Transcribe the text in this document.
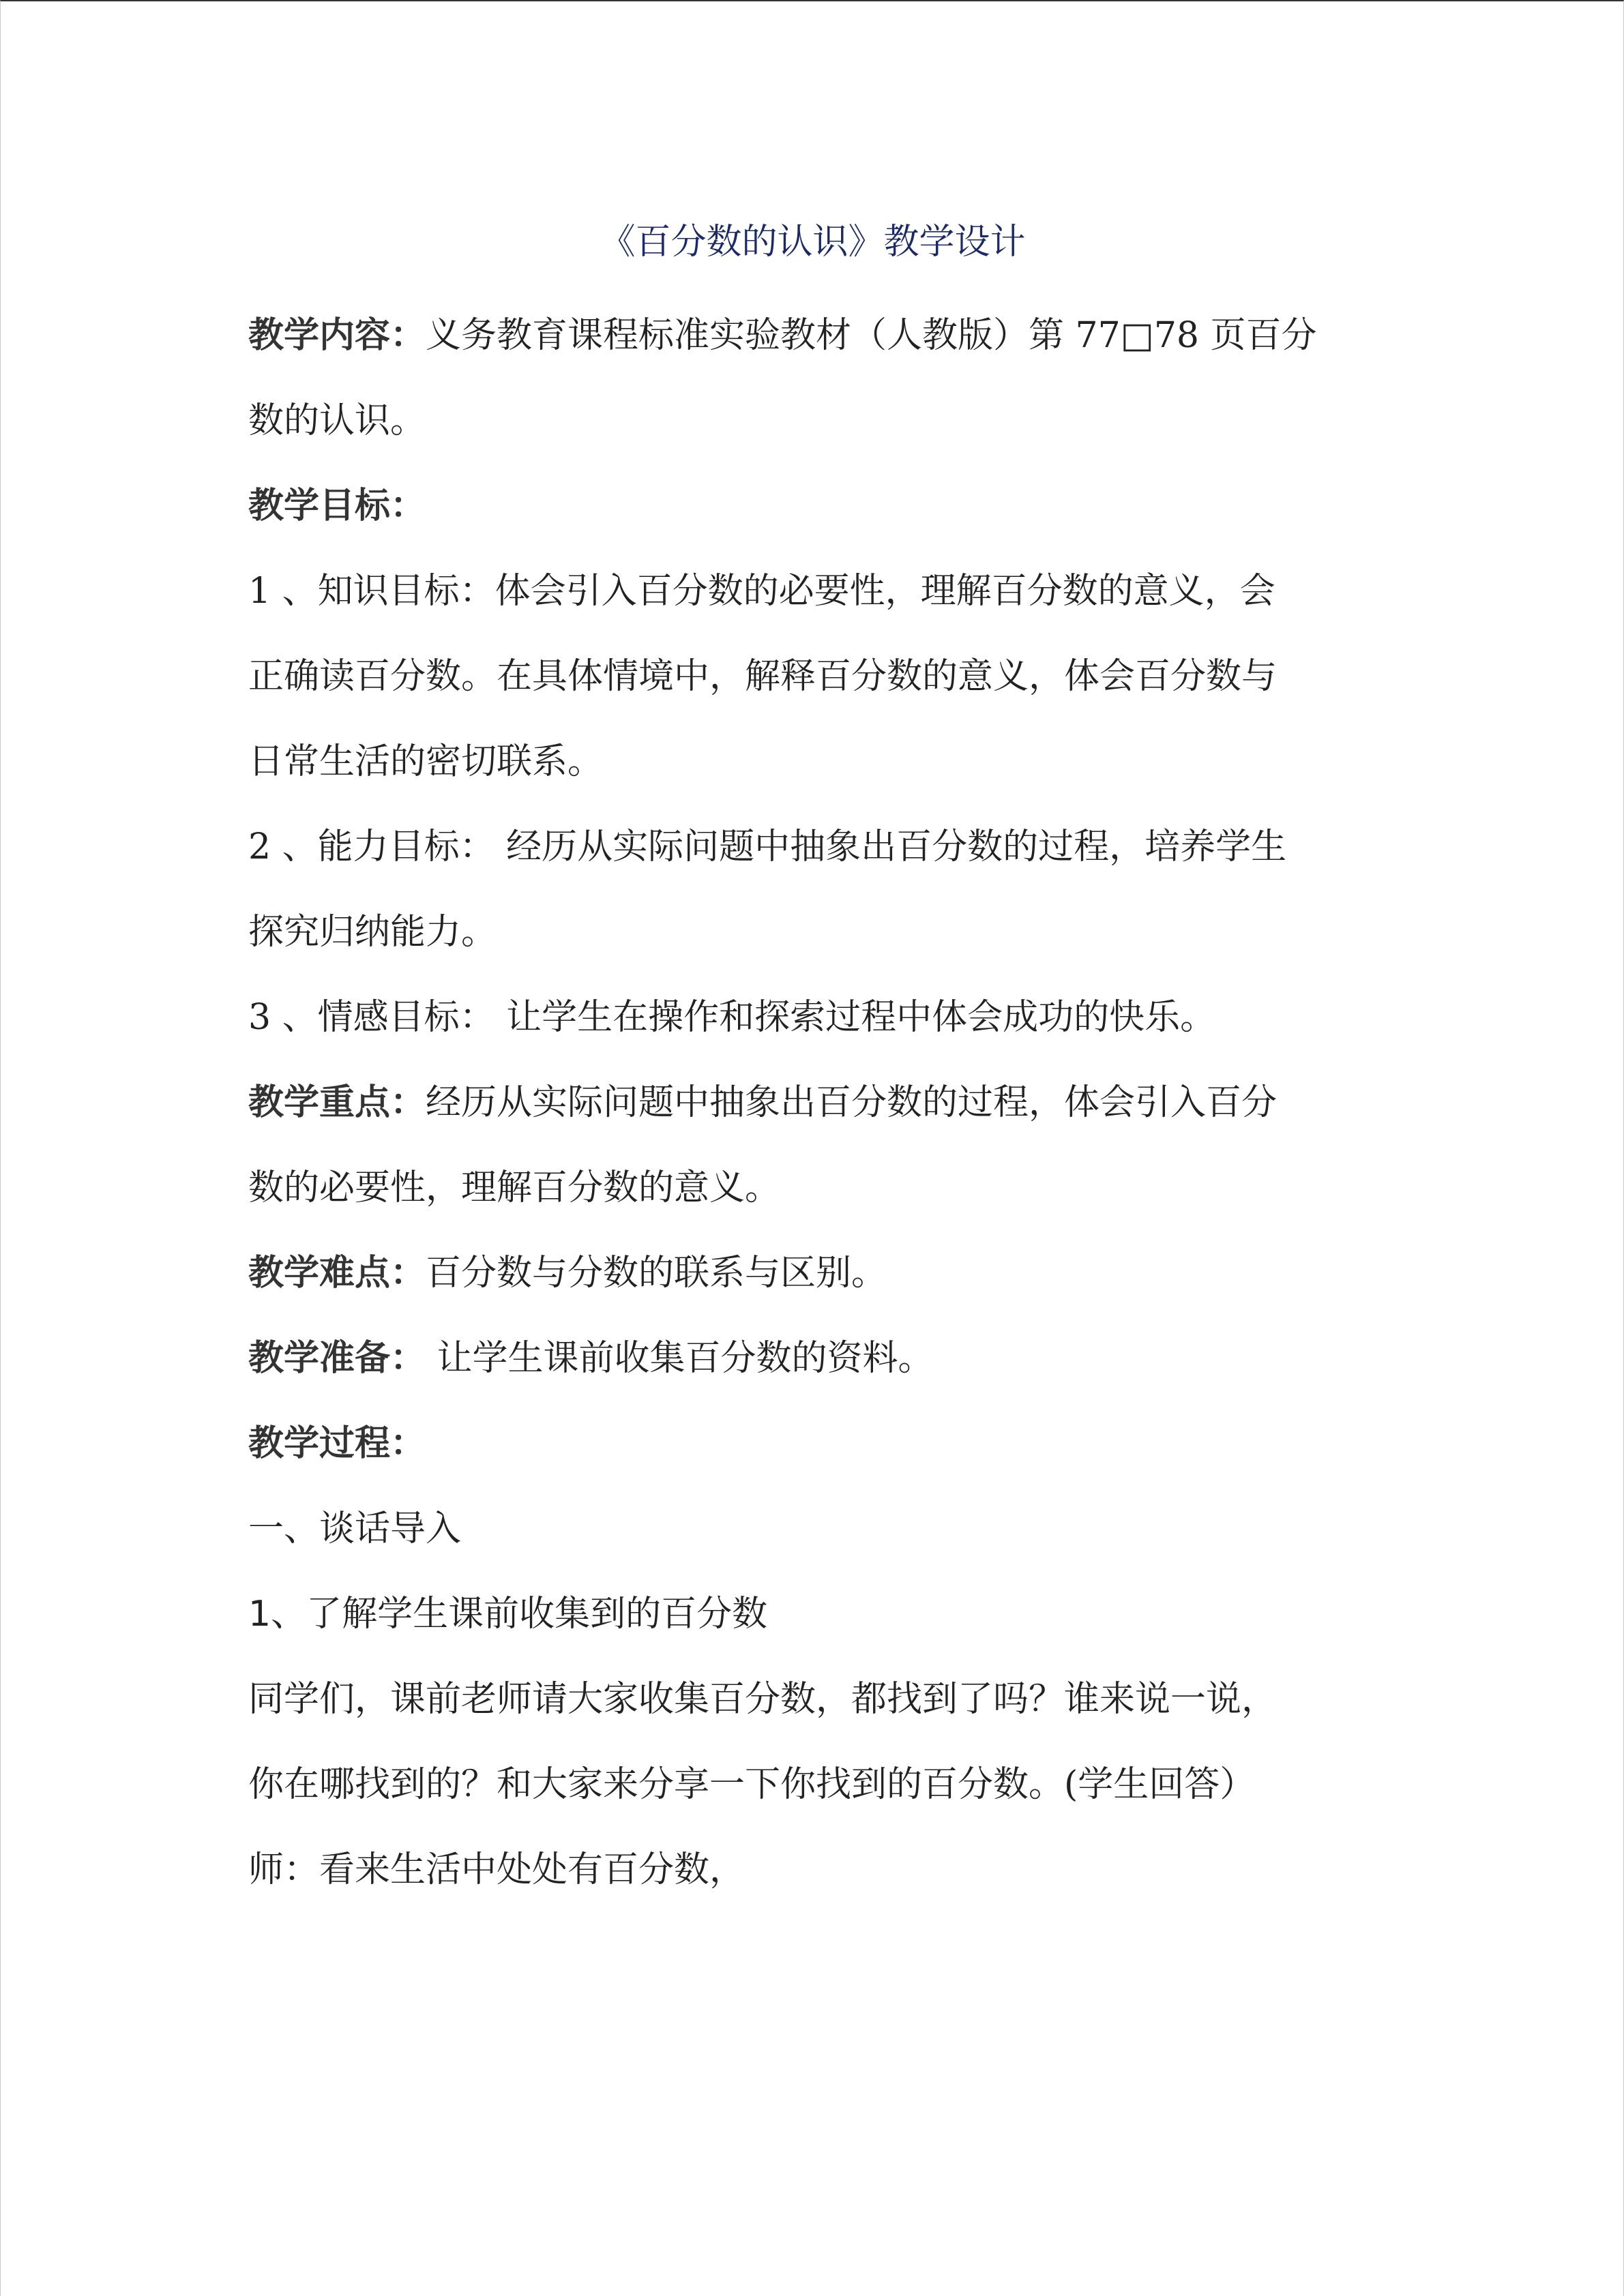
《百分数的认识》教学设计

教学内容：义务教育课程标准实验教材（人教版）第 77□78 页百分

数的认识。

教学目标：

1 、知识目标：体会引入百分数的必要性，理解百分数的意义，会

正确读百分数。在具体情境中，解释百分数的意义，体会百分数与

日常生活的密切联系。

2 、能力目标： 经历从实际问题中抽象出百分数的过程，培养学生

探究归纳能力。

3 、情感目标： 让学生在操作和探索过程中体会成功的快乐。

教学重点：经历从实际问题中抽象出百分数的过程，体会引入百分

数的必要性，理解百分数的意义。

教学难点：百分数与分数的联系与区别。

教学准备： 让学生课前收集百分数的资料。

教学过程：

一、谈话导入

1、了解学生课前收集到的百分数

同学们，课前老师请大家收集百分数，都找到了吗？谁来说一说，

你在哪找到的？和大家来分享一下你找到的百分数。(学生回答）

师：看来生活中处处有百分数，
